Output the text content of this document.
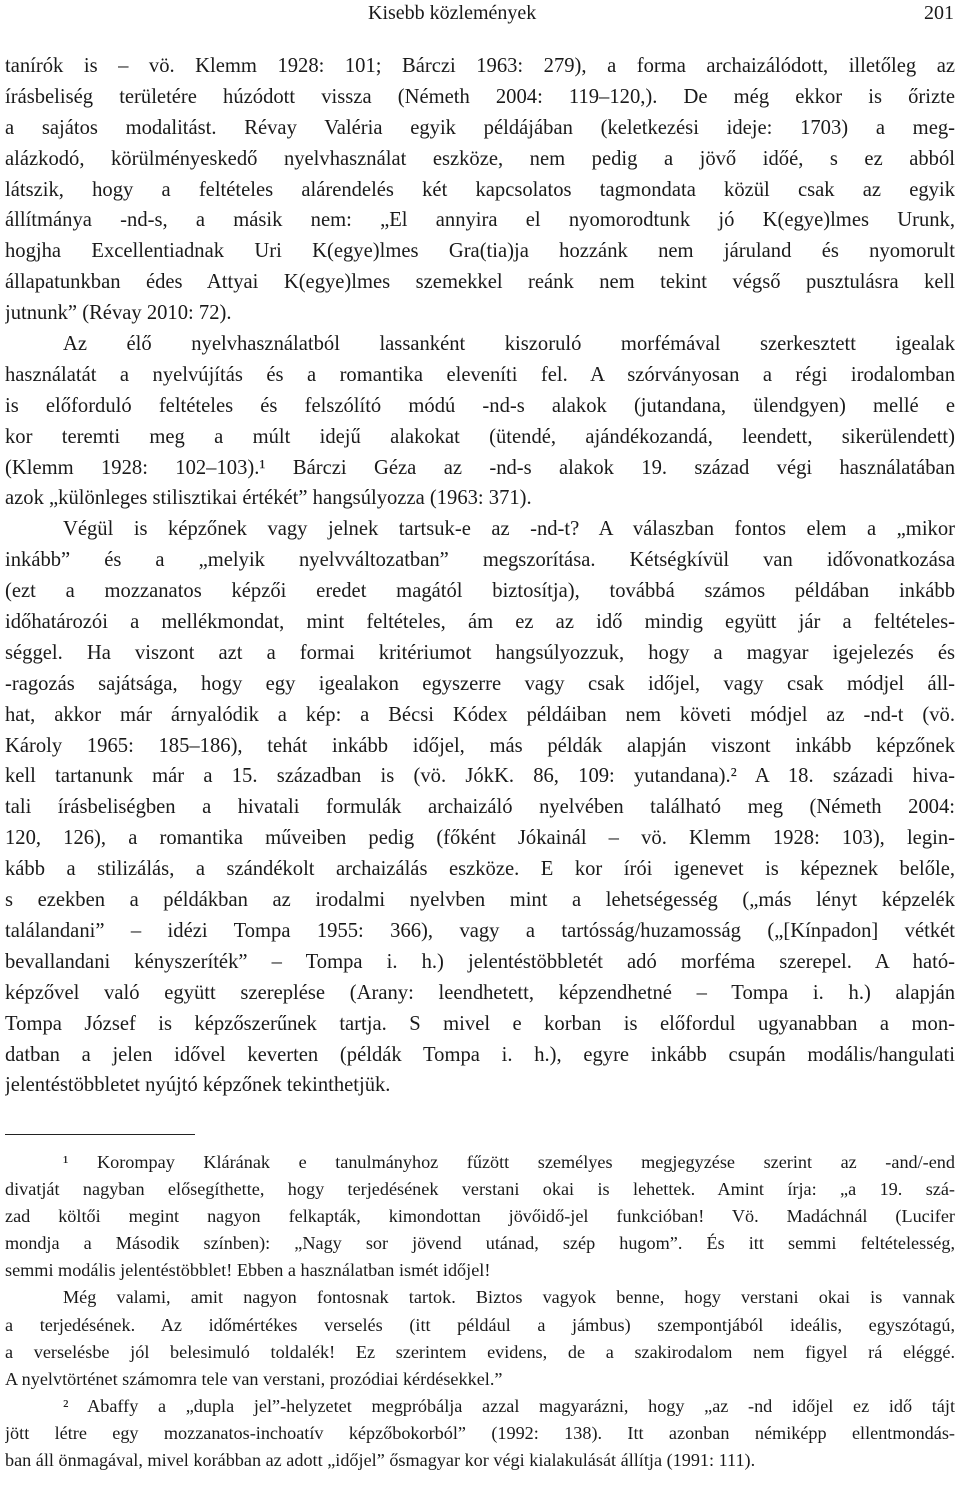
Kisebb közlemények	201
tanírók is – vö. Klemm 1928: 101; Bárczi 1963: 279), a forma archaizálódott, illetőleg az
írásbeliség területére húzódott vissza (Németh 2004: 119–120,). De még ekkor is őrizte
a sajátos modalitást. Révay Valéria egyik példájában (keletkezési ideje: 1703) a meg-
alázkodó, körülményeskedő nyelvhasználat eszköze, nem pedig a jövő időé, s ez abból
látszik, hogy a feltételes alárendelés két kapcsolatos tagmondata közül csak az egyik
állítmánya -nd-s, a másik nem: „El annyira el nyomorodtunk jó K(egye)lmes Urunk,
hogjha Excellentiadnak Uri K(egye)lmes Gra(tia)ja hozzánk nem járuland és nyomorult
állapatunkban édes Attyai K(egye)lmes szemekkel reánk nem tekint végső pusztulásra kell
jutnunk” (Révay 2010: 72).
Az élő nyelvhasználatból lassanként kiszoruló morfémával szerkesztett igealak
használatát a nyelvújítás és a romantika eleveníti fel. A szórványosan a régi irodalomban
is előforduló feltételes és felszólító módú -nd-s alakok (jutandana, ülendgyen) mellé e
kor teremti meg a múlt idejű alakokat (ütendé, ajándékozandá, leendett, sikerülendett)
(Klemm 1928: 102–103).¹ Bárczi Géza az -nd-s alakok 19. század végi használatában
azok „különleges stilisztikai értékét” hangsúlyozza (1963: 371).
Végül is képzőnek vagy jelnek tartsuk-e az -nd-t? A válaszban fontos elem a „mikor
inkább” és a „melyik nyelvváltozatban” megszorítása. Kétségkívül van idővonatkozása
(ezt a mozzanatos képzői eredet magától biztosítja), továbbá számos példában inkább
időhatározói a mellékmondat, mint feltételes, ám ez az idő mindig együtt jár a feltételes-
séggel. Ha viszont azt a formai kritériumot hangsúlyozzuk, hogy a magyar igejelezés és
-ragozás sajátsága, hogy egy igealakon egyszerre vagy csak időjel, vagy csak módjel áll-
hat, akkor már árnyalódik a kép: a Bécsi Kódex példáiban nem követi módjel az -nd-t (vö.
Károly 1965: 185–186), tehát inkább időjel, más példák alapján viszont inkább képzőnek
kell tartanunk már a 15. században is (vö. JókK. 86, 109: yutandana).² A 18. századi hiva-
tali írásbeliségben a hivatali formulák archaizáló nyelvében található meg (Németh 2004:
120, 126), a romantika műveiben pedig (főként Jókainál – vö. Klemm 1928: 103), legin-
kább a stilizálás, a szándékolt archaizálás eszköze. E kor írói igenevet is képeznek belőle,
s ezekben a példákban az irodalmi nyelvben mint a lehetségesség („más lényt képzelék
találandani” – idézi Tompa 1955: 366), vagy a tartósság/huzamosság („[Kínpadon] vétkét
bevallandani kényszeríték” – Tompa i. h.) jelentéstöbbletét adó morféma szerepel. A ható-
képzővel való együtt szereplése (Arany: leendhetett, képzendhetné – Tompa i. h.) alapján
Tompa József is képzőszerűnek tartja. S mivel e korban is előfordul ugyanabban a mon-
datban a jelen idővel keverten (példák Tompa i. h.), egyre inkább csupán modális/hangulati
jelentéstöbbletet nyújtó képzőnek tekinthetjük.
¹ Korompay Klárának e tanulmányhoz fűzött személyes megjegyzése szerint az -and/-end
divatját nagyban elősegíthette, hogy terjedésének verstani okai is lehettek. Amint írja: „a 19. szá-
zad költői megint nagyon felkapták, kimondottan jövőidő-jel funkcióban! Vö. Madáchnál (Lucifer
mondja a Második színben): „Nagy sor jövend utánad, szép hugom”. És itt semmi feltételesség,
semmi modális jelentéstöbblet! Ebben a használatban ismét időjel!
Még valami, amit nagyon fontosnak tartok. Biztos vagyok benne, hogy verstani okai is vannak
a terjedésének. Az időmértékes verselés (itt például a jámbus) szempontjából ideális, egyszótagú,
a verselésbe jól belesimuló toldalék! Ez szerintem evidens, de a szakirodalom nem figyel rá eléggé.
A nyelvtörténet számomra tele van verstani, prozódiai kérdésekkel.”
² Abaffy a „dupla jel”-helyzetet megpróbálja azzal magyarázni, hogy „az -nd időjel ez idő tájt
jött létre egy mozzanatos-inchoatív képzőbokorból” (1992: 138). Itt azonban némiképp ellentmondás-
ban áll önmagával, mivel korábban az adott „időjel” ősmagyar kor végi kialakulását állítja (1991: 111).
